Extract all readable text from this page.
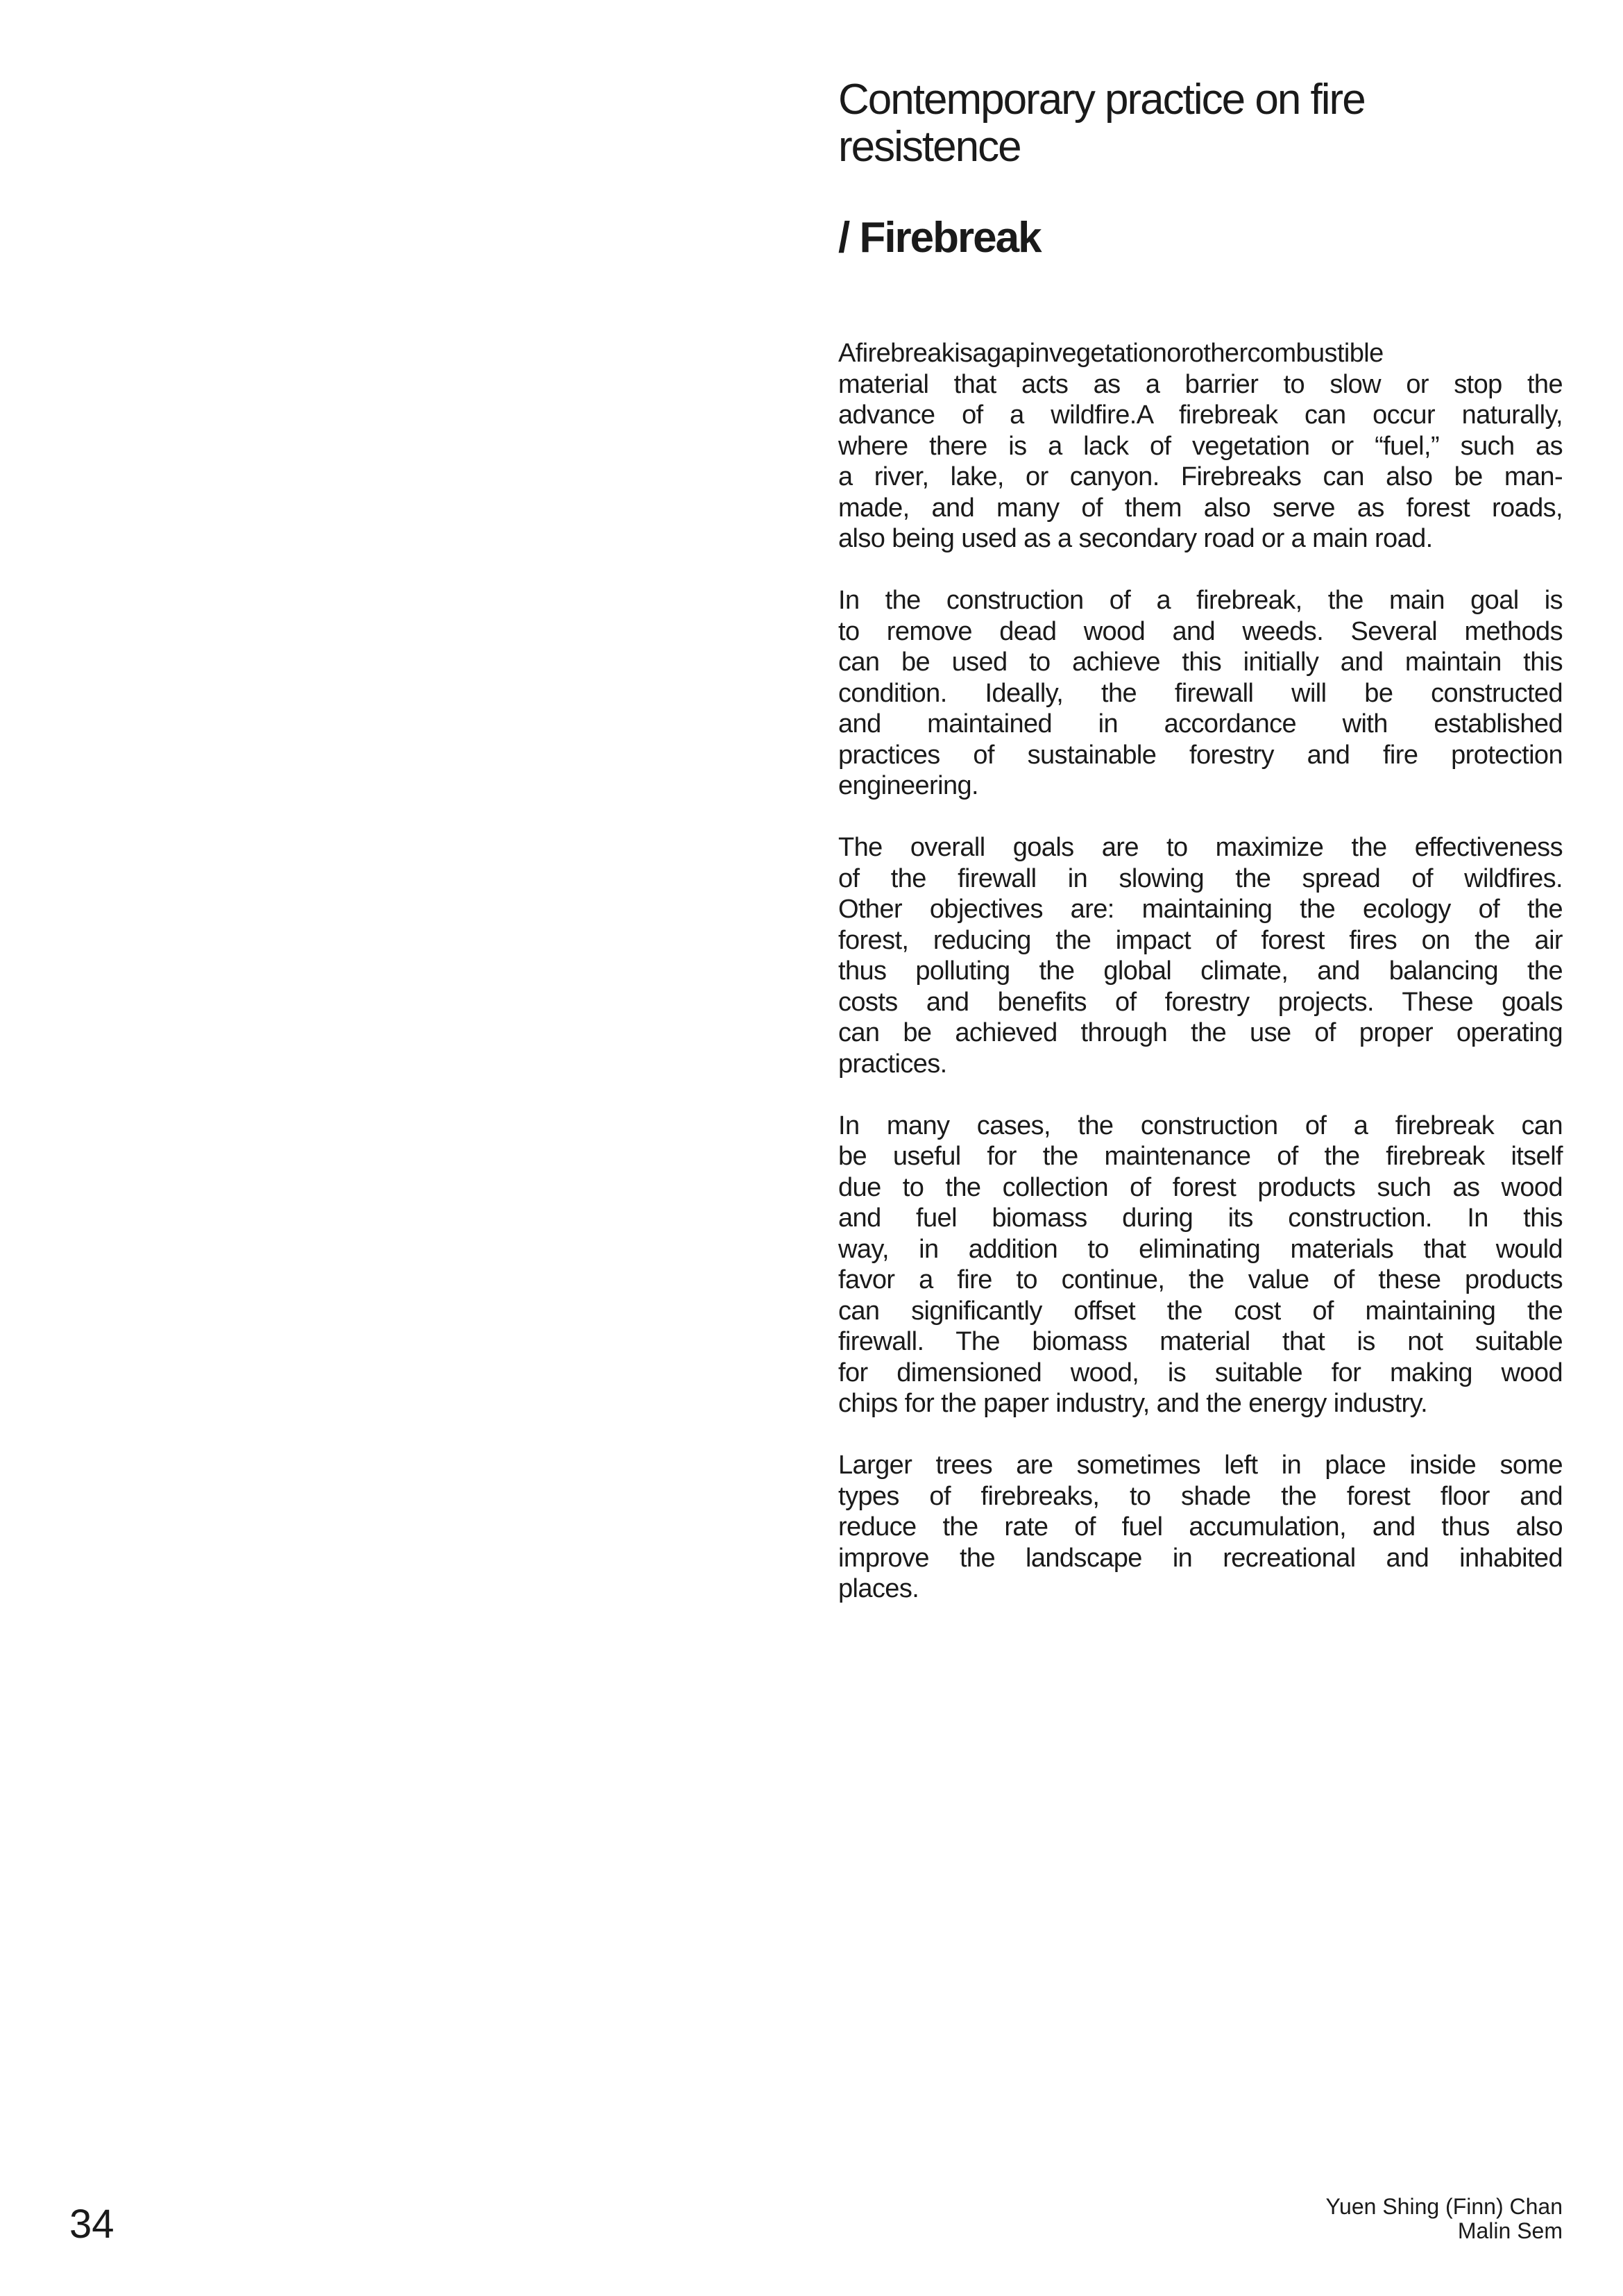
Contemporary practice on fire
resistence
/ Firebreak

Afirebreakisagapinvegetationorothercombustible
material that acts as a barrier to slow or stop the
advance of a wildfire.A firebreak can occur naturally,
where there is a lack of vegetation or “fuel,” such as
a river, lake, or canyon. Firebreaks can also be man-
made, and many of them also serve as forest roads,
also being used as a secondary road or a main road.

In the construction of a firebreak, the main goal is
to remove dead wood and weeds. Several methods
can be used to achieve this initially and maintain this
condition. Ideally, the firewall will be constructed
and maintained in accordance with established
practices of sustainable forestry and fire protection
engineering.

The overall goals are to maximize the effectiveness
of the firewall in slowing the spread of wildfires.
Other objectives are: maintaining the ecology of the
forest, reducing the impact of forest fires on the air
thus polluting the global climate, and balancing the
costs and benefits of forestry projects. These goals
can be achieved through the use of proper operating
practices.

In many cases, the construction of a firebreak can
be useful for the maintenance of the firebreak itself
due to the collection of forest products such as wood
and fuel biomass during its construction. In this
way, in addition to eliminating materials that would
favor a fire to continue, the value of these products
can significantly offset the cost of maintaining the
firewall. The biomass material that is not suitable
for dimensioned wood, is suitable for making wood
chips for the paper industry, and the energy industry.

Larger trees are sometimes left in place inside some
types of firebreaks, to shade the forest floor and
reduce the rate of fuel accumulation, and thus also
improve the landscape in recreational and inhabited
places.

34	Yuen Shing (Finn) Chan
Malin Sem
